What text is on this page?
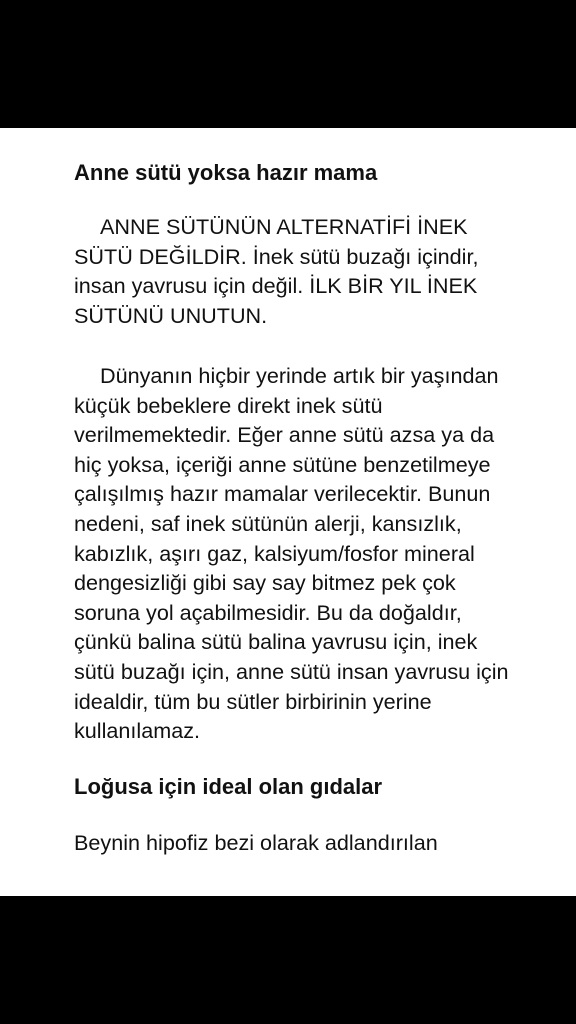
Anne sütü yoksa hazır mama

ANNE SÜTÜNÜN ALTERNATİFİ İNEK
SÜTÜ DEĞİLDİR. İnek sütü buzağı içindir,
insan yavrusu için değil. İLK BİR YIL İNEK
SÜTÜNÜ UNUTUN.

Dünyanın hiçbir yerinde artık bir yaşından
küçük bebeklere direkt inek sütü
verilmemektedir. Eğer anne sütü azsa ya da
hiç yoksa, içeriği anne sütüne benzetilmeye
çalışılmış hazır mamalar verilecektir. Bunun
nedeni, saf inek sütünün alerji, kansızlık,
kabızlık, aşırı gaz, kalsiyum/fosfor mineral
dengesizliği gibi say say bitmez pek çok
soruna yol açabilmesidir. Bu da doğaldır,
çünkü balina sütü balina yavrusu için, inek
sütü buzağı için, anne sütü insan yavrusu için
idealdir, tüm bu sütler birbirinin yerine
kullanılamaz.

Loğusa için ideal olan gıdalar

Beynin hipofiz bezi olarak adlandırılan
